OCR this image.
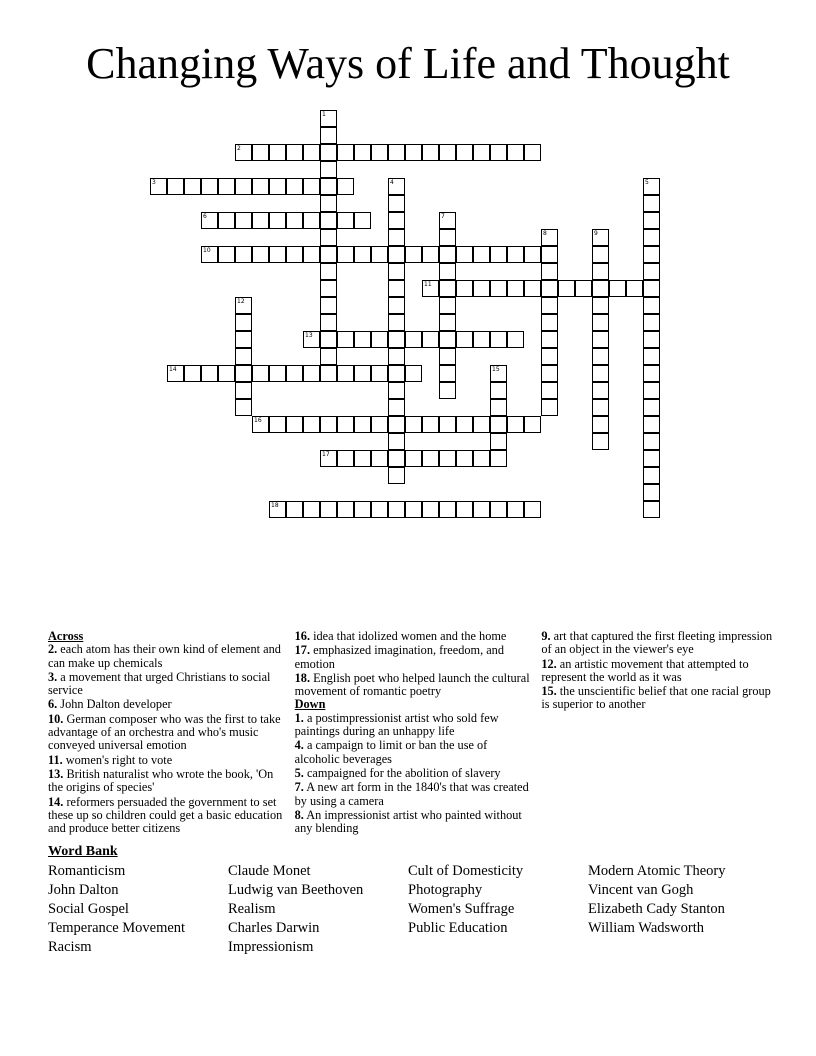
Changing Ways of Life and Thought
1
2
3	4	5
6	7
8	9
10
11
12
13
14	15
16
17
18
Across
2. each atom has their own kind of element and can make up chemicals
3. a movement that urged Christians to social service
6. John Dalton developer
10. German composer who was the first to take advantage of an orchestra and who's music conveyed universal emotion
11. women's right to vote
13. British naturalist who wrote the book, 'On the origins of species'
14. reformers persuaded the government to set these up so children could get a basic education and produce better citizens
16. idea that idolized women and the home
17. emphasized imagination, freedom, and emotion
18. English poet who helped launch the cultural movement of romantic poetry
Down
1. a postimpressionist artist who sold few paintings during an unhappy life
4. a campaign to limit or ban the use of alcoholic beverages
5. campaigned for the abolition of slavery
7. A new art form in the 1840's that was created by using a camera
8. An impressionist artist who painted without any blending
9. art that captured the first fleeting impression of an object in the viewer's eye
12. an artistic movement that attempted to represent the world as it was
15. the unscientific belief that one racial group is superior to another
Word Bank
Romanticism
John Dalton
Social Gospel
Temperance Movement
Racism
Claude Monet
Ludwig van Beethoven
Realism
Charles Darwin
Impressionism
Cult of Domesticity
Photography
Women's Suffrage
Public Education
Modern Atomic Theory
Vincent van Gogh
Elizabeth Cady Stanton
William Wadsworth
